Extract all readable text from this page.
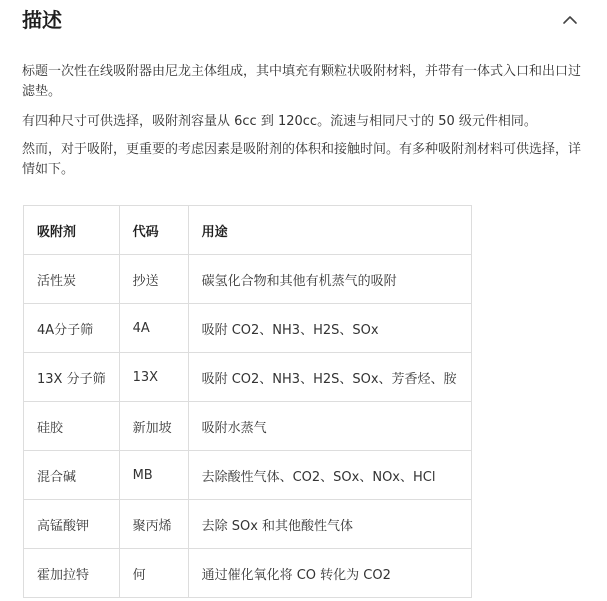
描述

标题一次性在线吸附器由尼龙主体组成，其中填充有颗粒状吸附材料，并带有一体式入口和出口过滤垫。

有四种尺寸可供选择，吸附剂容量从 6cc 到 120cc。流速与相同尺寸的 50 级元件相同。

然而，对于吸附，更重要的考虑因素是吸附剂的体积和接触时间。有多种吸附剂材料可供选择，详情如下。

吸附剂	代码	用途
活性炭	抄送	碳氢化合物和其他有机蒸气的吸附
4A分子筛	4A	吸附 CO2、NH3、H2S、SOx
13X 分子筛	13X	吸附 CO2、NH3、H2S、SOx、芳香烃、胺
硅胶	新加坡	吸附水蒸气
混合碱	MB	去除酸性气体、CO2、SOx、NOx、HCl
高锰酸钾	聚丙烯	去除 SOx 和其他酸性气体
霍加拉特	何	通过催化氧化将 CO 转化为 CO2
